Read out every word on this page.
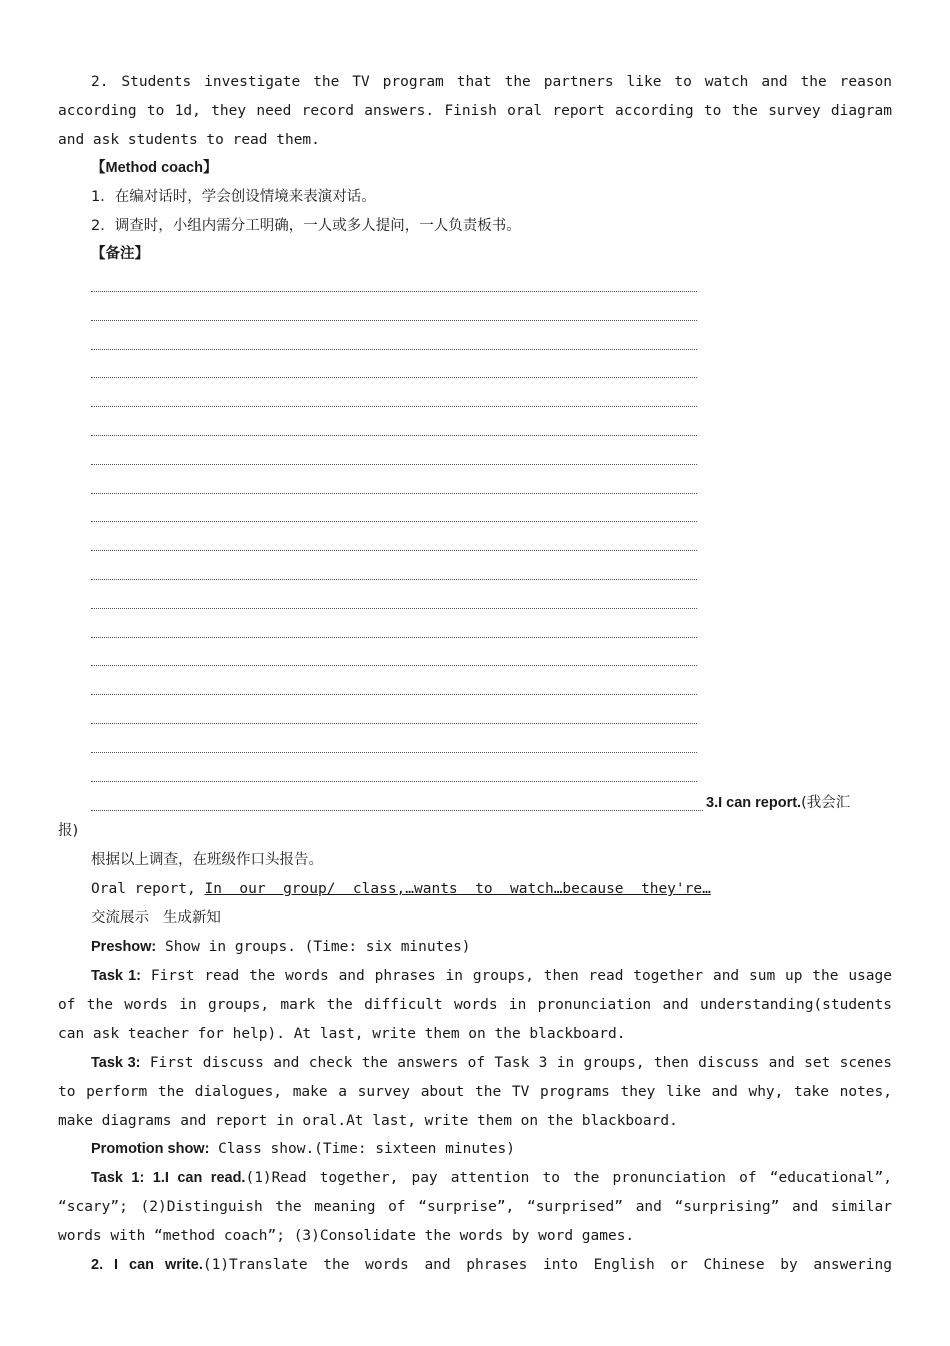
2. Students investigate the TV program that the partners like to watch and the reason according to 1d, they need record answers. Finish oral report according to the survey diagram and ask students to read them.
【Method coach】
1．在编对话时，学会创设情境来表演对话。
2．调查时，小组内需分工明确，一人或多人提问，一人负责板书。
【备注】
3.I can report.(我会汇
报)
根据以上调查，在班级作口头报告。
Oral report, In  our  group/  class,…wants  to  watch…because  they're…
交流展示   生成新知
Preshow: Show in groups. (Time: six minutes)
Task 1: First read the words and phrases in groups, then read together and sum up the usage of the words in groups, mark the difficult words in pronunciation and understanding(students can ask teacher for help). At last, write them on the blackboard.
Task 3: First discuss and check the answers of Task 3 in groups, then discuss and set scenes to perform the dialogues, make a survey about the TV programs they like and why, take notes, make diagrams and report in oral.At last, write them on the blackboard.
Promotion show: Class show.(Time: sixteen minutes)
Task 1: 1.I can read.(1)Read together, pay attention to the pronunciation of “educational”, “scary”; (2)Distinguish the meaning of “surprise”, “surprised” and “surprising” and similar words with “method coach”; (3)Consolidate the words by word games.
2. I can write.(1)Translate the words and phrases into English or Chinese by answering
